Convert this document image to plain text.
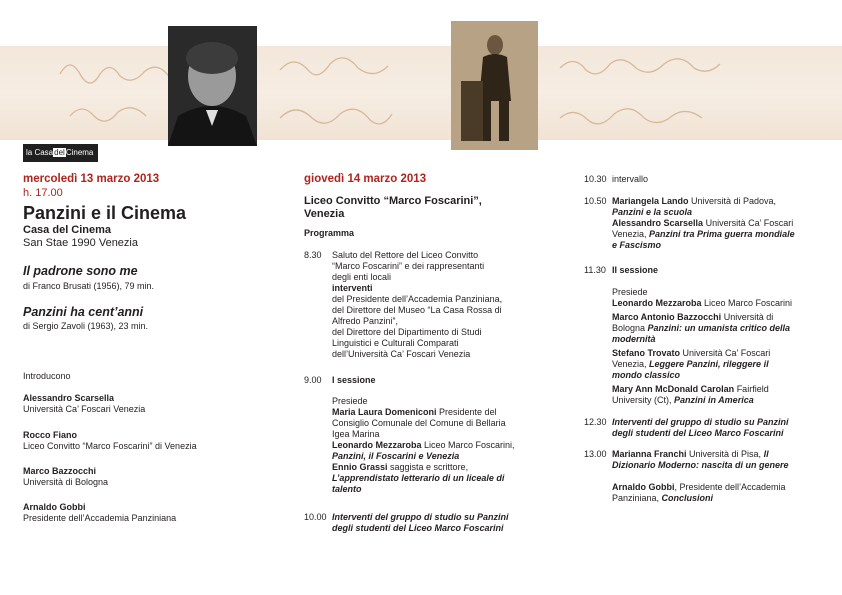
la CasadelCinema
mercoledì 13 marzo 2013
h. 17.00
Panzini e il Cinema
Casa del Cinema
San Stae 1990 Venezia
Il padrone sono me
di Franco Brusati (1956), 79 min.
Panzini ha cent’anni
di Sergio Zavoli (1963), 23 min.
Introducono
Alessandro Scarsella
Università Ca’ Foscari Venezia
Rocco Fiano
Liceo Convitto “Marco Foscarini” di Venezia
Marco Bazzocchi
Università di Bologna
Arnaldo Gobbi
Presidente dell’Accademia Panziniana
giovedì 14 marzo 2013
Liceo Convitto “Marco Foscarini”,
Venezia
Programma
8.30 Saluto del Rettore del Liceo Convitto
“Marco Foscarini” e dei rappresentanti
degli enti locali
interventi
del Presidente dell’Accademia Panziniana,
del Direttore del Museo “La Casa Rossa di
Alfredo Panzini”,
del Direttore del Dipartimento di Studi
Linguistici e Culturali Comparati
dell’Università Ca’ Foscari Venezia
9.00 I sessione
Presiede
Maria Laura Domeniconi Presidente del
Consiglio Comunale del Comune di Bellaria
Igea Marina
Leonardo Mezzaroba Liceo Marco Foscarini,
Panzini, il Foscarini e Venezia
Ennio Grassi saggista e scrittore,
L’apprendistato letterario di un liceale di
talento
10.00 Interventi del gruppo di studio su Panzini
degli studenti del Liceo Marco Foscarini
10.30 intervallo
10.50 Mariangela Lando Università di Padova,
Panzini e la scuola
Alessandro Scarsella Università Ca’ Foscari
Venezia, Panzini tra Prima guerra mondiale
e Fascismo
11.30 II sessione
Presiede
Leonardo Mezzaroba Liceo Marco Foscarini
Marco Antonio Bazzocchi Università di
Bologna Panzini: un umanista critico della
modernità
Stefano Trovato Università Ca’ Foscari
Venezia, Leggere Panzini, rileggere il
mondo classico
Mary Ann McDonald Carolan Fairfield
University (Ct), Panzini in America
12.30 Interventi del gruppo di studio su Panzini
degli studenti del Liceo Marco Foscarini
13.00 Marianna Franchi Università di Pisa, Il
Dizionario Moderno: nascita di un genere
Arnaldo Gobbi, Presidente dell’Accademia
Panziniana, Conclusioni
